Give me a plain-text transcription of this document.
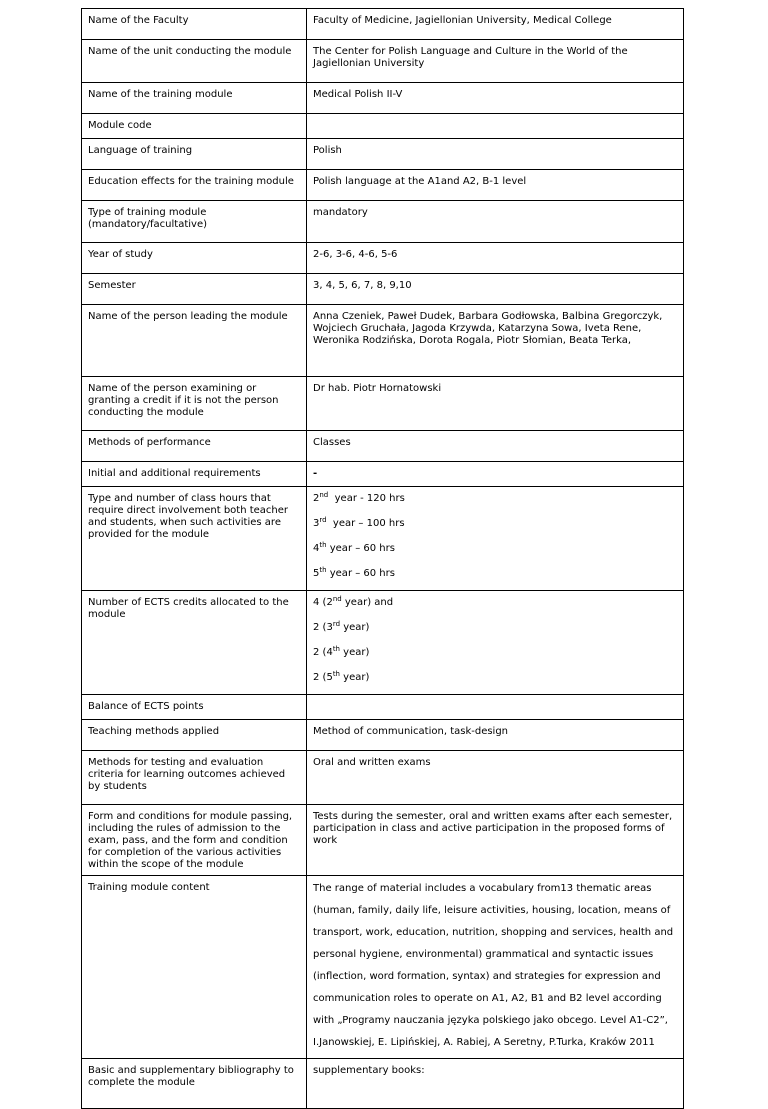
Name of the Faculty	Faculty of Medicine, Jagiellonian University, Medical College
Name of the unit conducting the module	The Center for Polish Language and Culture in the World of the Jagiellonian University
Name of the training module	Medical Polish II-V
Module code	
Language of training	Polish
Education effects for the training module	Polish language at the A1and A2, B-1 level
Type of training module (mandatory/facultative)	mandatory
Year of study	2-6, 3-6, 4-6, 5-6
Semester	3, 4, 5, 6, 7, 8, 9,10
Name of the person leading the module	Anna Czeniek, Paweł Dudek, Barbara Godłowska, Balbina Gregorczyk, Wojciech Gruchała, Jagoda Krzywda, Katarzyna Sowa, Iveta Rene, Weronika Rodzińska, Dorota Rogala, Piotr Słomian, Beata Terka,
Name of the person examining or granting a credit if it is not the person conducting the module	Dr hab. Piotr Hornatowski
Methods of performance	Classes
Initial and additional requirements	-
Type and number of class hours that require direct involvement both teacher and students, when such activities are provided for the module	2nd  year - 120 hrs

3rd  year – 100 hrs

4th year – 60 hrs

5th year – 60 hrs

Number of ECTS credits allocated to the module	4 (2nd year) and

2 (3rd year)

2 (4th year)

2 (5th year)

Balance of ECTS points	
Teaching methods applied	Method of communication, task-design
Methods for testing and evaluation criteria for learning outcomes achieved by students	Oral and written exams
Form and conditions for module passing, including the rules of admission to the exam, pass, and the form and condition for completion of the various activities within the scope of the module	Tests during the semester, oral and written exams after each semester, participation in class and active participation in the proposed forms of work
Training module content	The range of material includes a vocabulary from13 thematic areas (human, family, daily life, leisure activities, housing, location, means of transport, work, education, nutrition, shopping and services, health and personal hygiene, environmental) grammatical and syntactic issues (inflection, word formation, syntax) and strategies for expression and communication roles to operate on A1, A2, B1 and B2 level according with „Programy nauczania języka polskiego jako obcego. Level A1-C2”, I.Janowskiej, E. Lipińskiej, A. Rabiej, A Seretny, P.Turka, Kraków 2011
Basic and supplementary bibliography to complete the module	supplementary books:
